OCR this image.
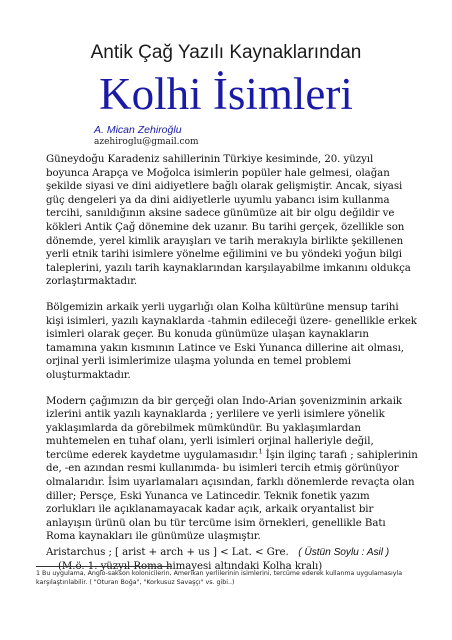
Antik Çağ Yazılı Kaynaklarından
Kolhi İsimleri
A. Mican Zehiroğlu
azehiroglu@gmail.com

Güneydoğu Karadeniz sahillerinin Türkiye kesiminde, 20. yüzyıl boyunca Arapça ve Moğolca isimlerin popüler hale gelmesi, olağan şekilde siyasi ve dini aidiyetlere bağlı olarak gelişmiştir. Ancak, siyasi güç dengeleri ya da dini aidiyetlerle uyumlu yabancı isim kullanma tercihi, sanıldığının aksine sadece günümüze ait bir olgu değildir ve kökleri Antik Çağ dönemine dek uzanır. Bu tarihi gerçek, özellikle son dönemde, yerel kimlik arayışları ve tarih merakıyla birlikte şekillenen yerli etnik tarihi isimlere yönelme eğilimini ve bu yöndeki yoğun bilgi taleplerini, yazılı tarih kaynaklarından karşılayabilme imkanını oldukça zorlaştırmaktadır.

Bölgemizin arkaik yerli uygarlığı olan Kolha kültürüne mensup tarihi kişi isimleri, yazılı kaynaklarda -tahmin edileceği üzere- genellikle erkek isimleri olarak geçer. Bu konuda günümüze ulaşan kaynakların tamamına yakın kısmının Latince ve Eski Yunanca dillerine ait olması, orjinal yerli isimlerimize ulaşma yolunda en temel problemi oluşturmaktadır.

Modern çağımızın da bir gerçeği olan Indo-Arian şovenizminin arkaik izlerini antik yazılı kaynaklarda ; yerlilere ve yerli isimlere yönelik yaklaşımlarda da görebilmek mümkündür. Bu yaklaşımlardan muhtemelen en tuhaf olanı, yerli isimleri orjinal halleriyle değil, tercüme ederek kaydetme uygulamasıdır.$^1$ İşin ilginç tarafı ; sahiplerinin de, -en azından resmi kullanımda- bu isimleri tercih etmiş görünüyor olmalarıdır. İsim uyarlamaları açısından, farklı dönemlerde revaçta olan diller; Persçe, Eski Yunanca ve Latincedir. Teknik fonetik yazım zorlukları ile açıklanamayacak kadar açık, arkaik oryantalist bir anlayışın ürünü olan bu tür tercüme isim örnekleri, genellikle Batı Roma kaynakları ile günümüze ulaşmıştır.

Aristarchus ; [ arist + arch + us ] < Lat. < Gre. ( Üstün Soylu : Asil )
(M.ö. 1. yüzyıl Roma himayesi altındaki Kolha kralı)
1 Bu uygulama, Anglo-sakson kolonicilerin, Amerikan yerlilerinin isimlerini, tercüme ederek kullanma uygulamasıyla karşılaştırılabilir. ( "Oturan Boğa", "Korkusuz Savaşçı" vs. gibi..)
